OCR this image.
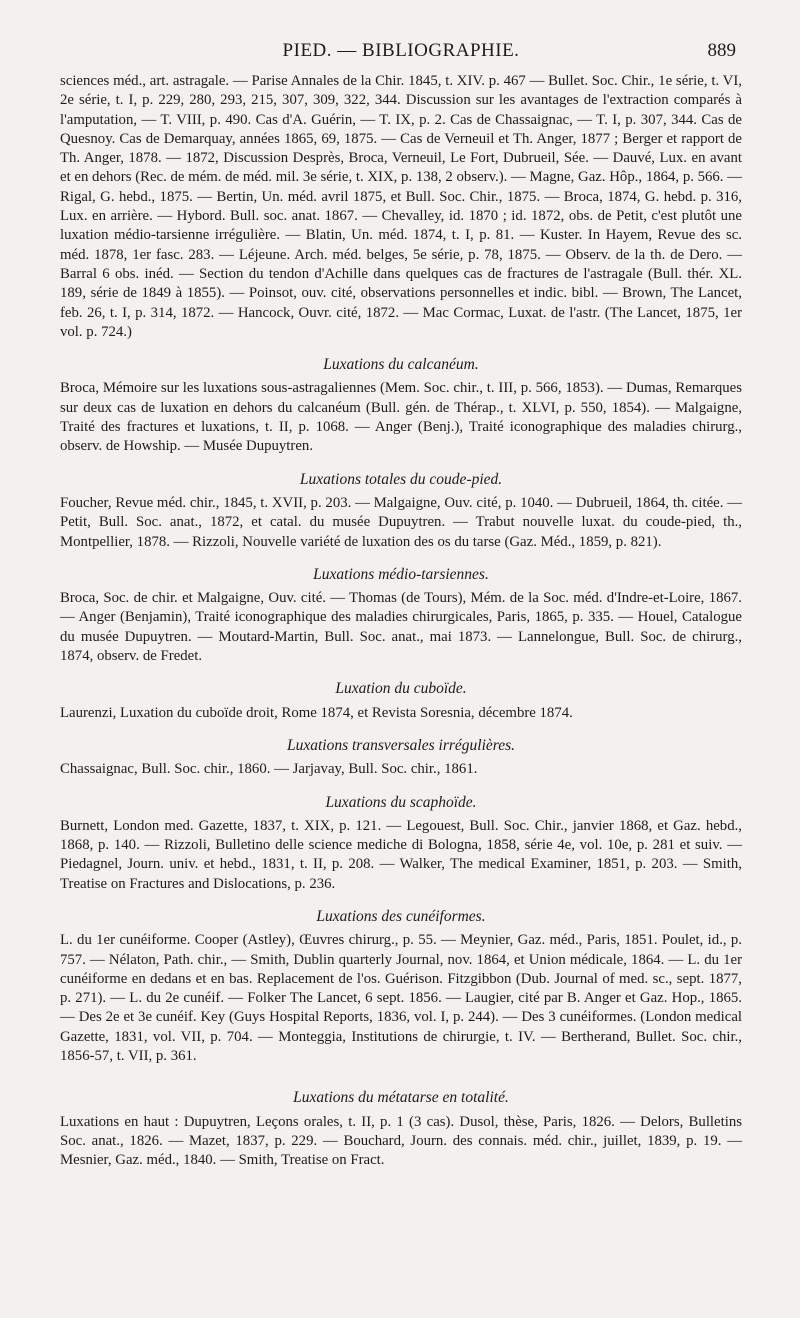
PIED. — BIBLIOGRAPHIE.	889

sciences méd., art. astragale. — Parise Annales de la Chir. 1845, t. XIV. p. 467 — Bullet. Soc. Chir., 1e série, t. VI, 2e série, t. I, p. 229, 280, 293, 215, 307, 309, 322, 344. Discussion sur les avantages de l'extraction comparés à l'amputation, — T. VIII, p. 490. Cas d'A. Guérin, — T. IX, p. 2. Cas de Chassaignac, — T. I, p. 307, 344. Cas de Quesnoy. Cas de Demarquay, années 1865, 69, 1875. — Cas de Verneuil et Th. Anger, 1877 ; Berger et rapport de Th. Anger, 1878. — 1872, Discussion Desprès, Broca, Verneuil, Le Fort, Dubrueil, Sée. — Dauvé, Lux. en avant et en dehors (Rec. de mém. de méd. mil. 3e série, t. XIX, p. 138, 2 observ.). — Magne, Gaz. Hôp., 1864, p. 566. — Rigal, G. hebd., 1875. — Bertin, Un. méd. avril 1875, et Bull. Soc. Chir., 1875. — Broca, 1874, G. hebd. p. 316, Lux. en arrière. — Hybord. Bull. soc. anat. 1867. — Chevalley, id. 1870 ; id. 1872, obs. de Petit, c'est plutôt une luxation médio-tarsienne irrégulière. — Blatin, Un. méd. 1874, t. I, p. 81. — Kuster. In Hayem, Revue des sc. méd. 1878, 1er fasc. 283. — Léjeune. Arch. méd. belges, 5e série, p. 78, 1875. — Observ. de la th. de Dero. — Barral 6 obs. inéd. — Section du tendon d'Achille dans quelques cas de fractures de l'astragale (Bull. thér. XL. 189, série de 1849 à 1855). — Poinsot, ouv. cité, observations personnelles et indic. bibl. — Brown, The Lancet, feb. 26, t. I, p. 314, 1872. — Hancock, Ouvr. cité, 1872. — Mac Cormac, Luxat. de l'astr. (The Lancet, 1875, 1er vol. p. 724.)

Luxations du calcanéum.

Broca, Mémoire sur les luxations sous-astragaliennes (Mem. Soc. chir., t. III, p. 566, 1853). — Dumas, Remarques sur deux cas de luxation en dehors du calcanéum (Bull. gén. de Thérap., t. XLVI, p. 550, 1854). — Malgaigne, Traité des fractures et luxations, t. II, p. 1068. — Anger (Benj.), Traité iconographique des maladies chirurg., observ. de Howship. — Musée Dupuytren.

Luxations totales du coude-pied.

Foucher, Revue méd. chir., 1845, t. XVII, p. 203. — Malgaigne, Ouv. cité, p. 1040. — Dubrueil, 1864, th. citée. — Petit, Bull. Soc. anat., 1872, et catal. du musée Dupuytren. — Trabut nouvelle luxat. du coude-pied, th., Montpellier, 1878. — Rizzoli, Nouvelle variété de luxation des os du tarse (Gaz. Méd., 1859, p. 821).

Luxations médio-tarsiennes.

Broca, Soc. de chir. et Malgaigne, Ouv. cité. — Thomas (de Tours), Mém. de la Soc. méd. d'Indre-et-Loire, 1867. — Anger (Benjamin), Traité iconographique des maladies chirurgicales, Paris, 1865, p. 335. — Houel, Catalogue du musée Dupuytren. — Moutard-Martin, Bull. Soc. anat., mai 1873. — Lannelongue, Bull. Soc. de chirurg., 1874, observ. de Fredet.

Luxation du cuboïde.

Laurenzi, Luxation du cuboïde droit, Rome 1874, et Revista Soresnia, décembre 1874.

Luxations transversales irrégulières.

Chassaignac, Bull. Soc. chir., 1860. — Jarjavay, Bull. Soc. chir., 1861.

Luxations du scaphoïde.

Burnett, London med. Gazette, 1837, t. XIX, p. 121. — Legouest, Bull. Soc. Chir., janvier 1868, et Gaz. hebd., 1868, p. 140. — Rizzoli, Bulletino delle science mediche di Bologna, 1858, série 4e, vol. 10e, p. 281 et suiv. — Piedagnel, Journ. univ. et hebd., 1831, t. II, p. 208. — Walker, The medical Examiner, 1851, p. 203. — Smith, Treatise on Fractures and Dislocations, p. 236.

Luxations des cunéiformes.

L. du 1er cunéiforme. Cooper (Astley), Œuvres chirurg., p. 55. — Meynier, Gaz. méd., Paris, 1851. Poulet, id., p. 757. — Nélaton, Path. chir., — Smith, Dublin quarterly Journal, nov. 1864, et Union médicale, 1864. — L. du 1er cunéiforme en dedans et en bas. Replacement de l'os. Guérison. Fitzgibbon (Dub. Journal of med. sc., sept. 1877, p. 271). — L. du 2e cunéif. — Folker The Lancet, 6 sept. 1856. — Laugier, cité par B. Anger et Gaz. Hop., 1865. — Des 2e et 3e cunéif. Key (Guys Hospital Reports, 1836, vol. I, p. 244). — Des 3 cunéiformes. (London medical Gazette, 1831, vol. VII, p. 704. — Monteggia, Institutions de chirurgie, t. IV. — Bertherand, Bullet. Soc. chir., 1856-57, t. VII, p. 361.

Luxations du métatarse en totalité.

Luxations en haut : Dupuytren, Leçons orales, t. II, p. 1 (3 cas). Dusol, thèse, Paris, 1826. — Delors, Bulletins Soc. anat., 1826. — Mazet, 1837, p. 229. — Bouchard, Journ. des connais. méd. chir., juillet, 1839, p. 19. — Mesnier, Gaz. méd., 1840. — Smith, Treatise on Fract.
